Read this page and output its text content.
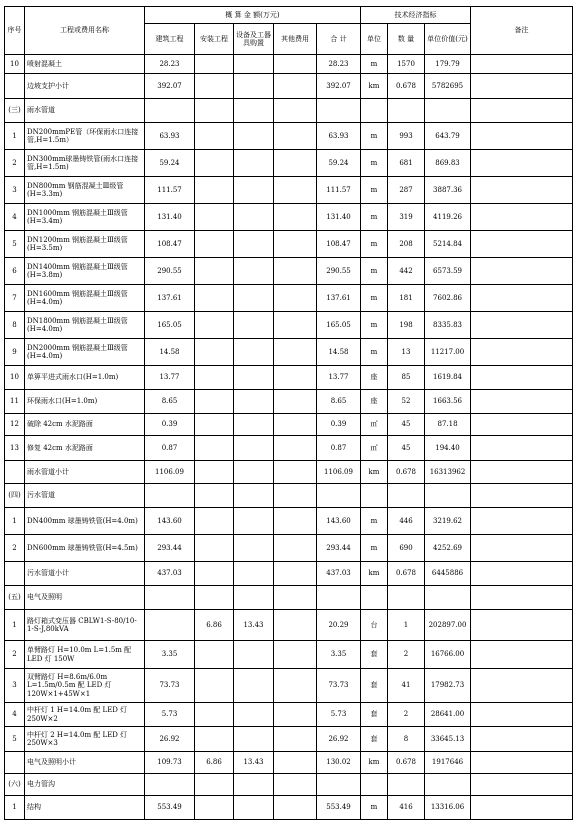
序号	工程或费用名称	概 算 金 额(万元)					技术经济指标			备注
		建筑工程	安装工程	设备及工器具购置	其他费用	合 计	单位	数 量	单位价值(元)	
10	喷射混凝土	28.23				28.23	m	1570	179.79	
	边坡支护小计	392.07				392.07	km	0.678	5782695	
(三)	雨水管道									
1	DN200mmPE管（环保雨水口连接管,H=1.5m）	63.93				63.93	m	993	643.79	
2	DN300mm球墨铸铁管(雨水口连接管,H=1.5m)	59.24				59.24	m	681	869.83	
3	DN800mm 钢筋混凝土Ⅲ级管(H=3.3m)	111.57				111.57	m	287	3887.36	
4	DN1000mm 钢筋混凝土Ⅲ级管(H=3.4m)	131.40				131.40	m	319	4119.26	
5	DN1200mm 钢筋混凝土Ⅲ级管(H=3.5m)	108.47				108.47	m	208	5214.84	
6	DN1400mm 钢筋混凝土Ⅲ级管(H=3.8m)	290.55				290.55	m	442	6573.59	
7	DN1600mm 钢筋混凝土Ⅲ级管(H=4.0m)	137.61				137.61	m	181	7602.86	
8	DN1800mm 钢筋混凝土Ⅲ级管(H=4.0m)	165.05				165.05	m	198	8335.83	
9	DN2000mm 钢筋混凝土Ⅲ级管(H=4.0m)	14.58				14.58	m	13	11217.00	
10	单箅平进式雨水口(H=1.0m)	13.77				13.77	座	85	1619.84	
11	环保雨水口(H=1.0m)	8.65				8.65	座	52	1663.56	
12	破除 42cm 水泥路面	0.39				0.39	㎡	45	87.18	
13	修复 42cm 水泥路面	0.87				0.87	㎡	45	194.40	
	雨水管道小计	1106.09				1106.09	km	0.678	16313962	
(四)	污水管道									
1	DN400mm 球墨铸铁管(H=4.0m)	143.60				143.60	m	446	3219.62	
2	DN600mm 球墨铸铁管(H=4.5m)	293.44				293.44	m	690	4252.69	
	污水管道小计	437.03				437.03	km	0.678	6445886	
(五)	电气及照明									
1	路灯箱式变压器 CBLW1-S-80/10-1-S-J,80kVA		6.86	13.43		20.29	台	1	202897.00	
2	单臂路灯 H=10.0m L=1.5m 配 LED 灯 150W	3.35				3.35	套	2	16766.00	
3	双臂路灯 H=8.6m/6.0m L=1.5m/0.5m 配 LED 灯 120W×1+45W×1	73.73				73.73	套	41	17982.73	
4	中杆灯 1 H=14.0m 配 LED 灯 250W×2	5.73				5.73	套	2	28641.00	
5	中杆灯 2 H=14.0m 配 LED 灯 250W×3	26.92				26.92	套	8	33645.13	
	电气及照明小计	109.73	6.86	13.43		130.02	km	0.678	1917646	
(六)	电力管沟									
1	结构	553.49				553.49	m	416	13316.06	
